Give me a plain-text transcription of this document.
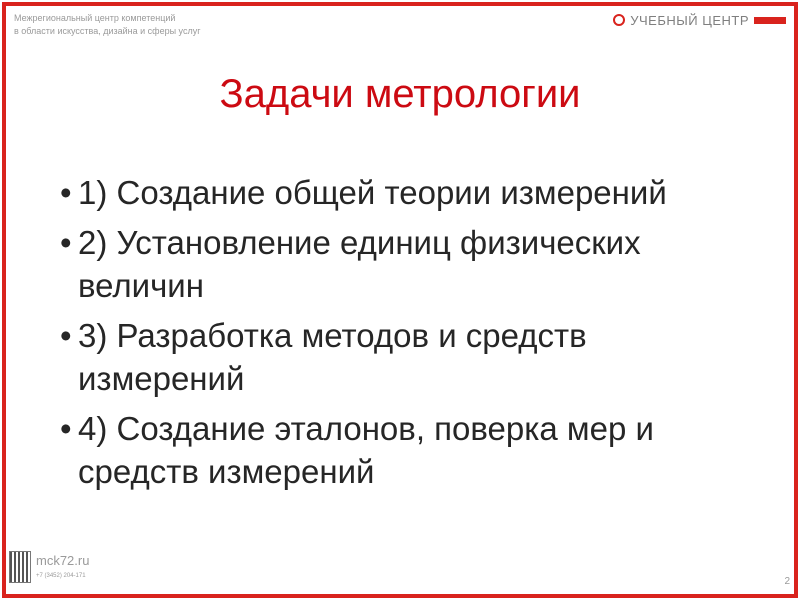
Межрегиональный центр компетенций
в области искусства, дизайна и сферы услуг
УЧЕБНЫЙ ЦЕНТР

Задачи метрологии
• 1) Создание общей теории измерений
• 2) Установление единиц физических величин
• 3) Разработка методов и средств измерений
• 4) Создание эталонов, поверка мер и средств измерений
mck72.ru
+7 (3452) 204-171	2
